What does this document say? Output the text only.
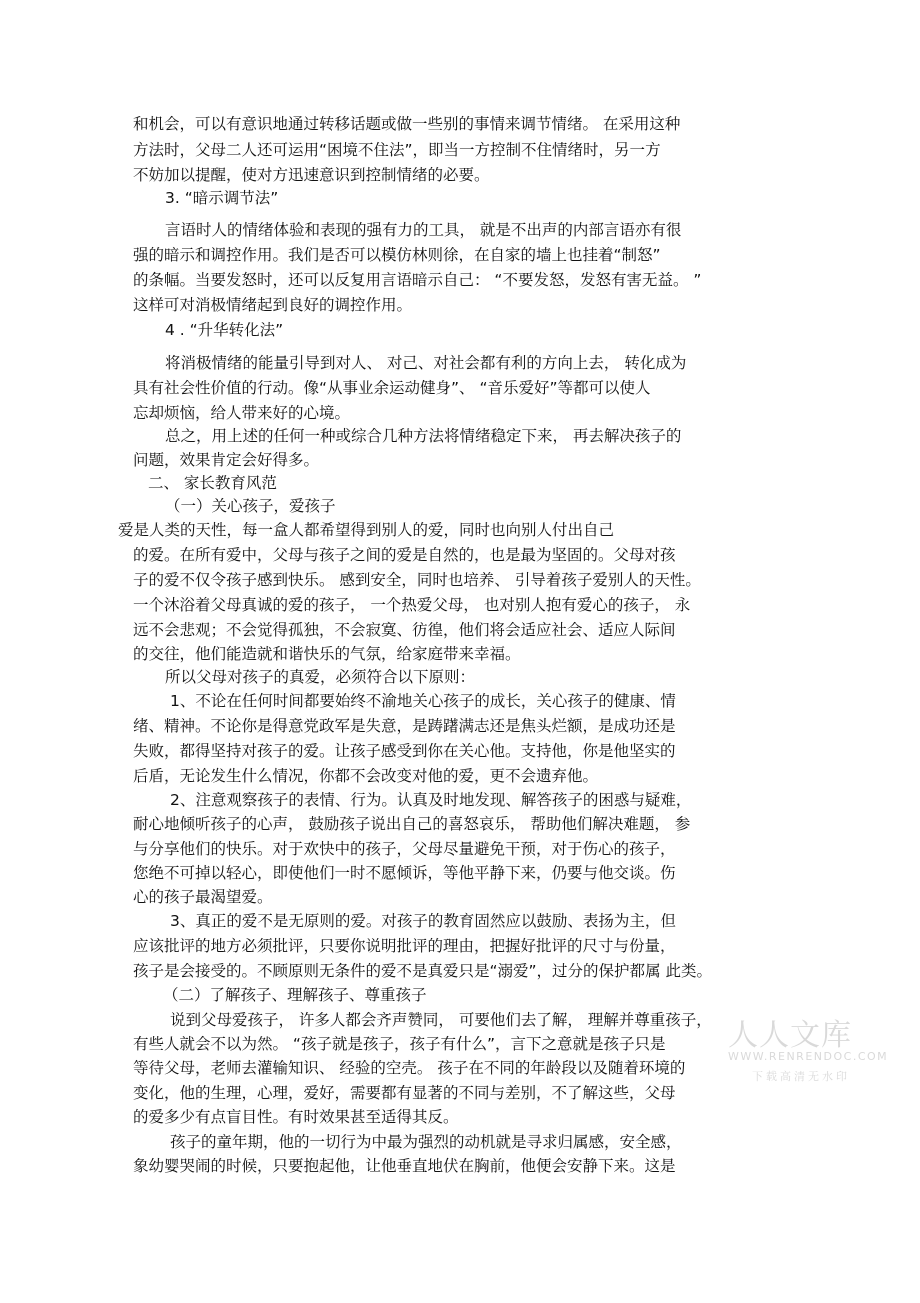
和机会，可以有意识地通过转移话题或做一些别的事情来调节情绪。 在采用这种
方法时，父母二人还可运用“困境不住法”，即当一方控制不住情绪时，另一方
不妨加以提醒，使对方迅速意识到控制情绪的必要。
3. “暗示调节法”
言语时人的情绪体验和表现的强有力的工具， 就是不出声的内部言语亦有很
强的暗示和调控作用。我们是否可以模仿林则徐，在自家的墙上也挂着“制怒”
的条幅。当要发怒时，还可以反复用言语暗示自己： “不要发怒，发怒有害无益。 ”
这样可对消极情绪起到良好的调控作用。
4 . “升华转化法”
将消极情绪的能量引导到对人、 对己、对社会都有利的方向上去， 转化成为
具有社会性价值的行动。像“从事业余运动健身”、 “音乐爱好”等都可以使人
忘却烦恼，给人带来好的心境。
总之，用上述的任何一种或综合几种方法将情绪稳定下来， 再去解决孩子的
问题，效果肯定会好得多。
二、 家长教育风范
（一）关心孩子，爱孩子
爱是人类的天性，每一盒人都希望得到别人的爱，同时也向别人付出自己
的爱。在所有爱中，父母与孩子之间的爱是自然的，也是最为坚固的。父母对孩
子的爱不仅令孩子感到快乐。 感到安全，同时也培养、 引导着孩子爱别人的天性。
一个沐浴着父母真诚的爱的孩子， 一个热爱父母， 也对别人抱有爱心的孩子， 永
远不会悲观；不会觉得孤独，不会寂寞、彷徨，他们将会适应社会、适应人际间
的交往，他们能造就和谐快乐的气氛，给家庭带来幸福。
所以父母对孩子的真爱，必须符合以下原则：
1、不论在任何时间都要始终不渝地关心孩子的成长，关心孩子的健康、情
绪、精神。不论你是得意党政军是失意，是踌躇满志还是焦头烂额，是成功还是
失败，都得坚持对孩子的爱。让孩子感受到你在关心他。支持他，你是他坚实的
后盾，无论发生什么情况，你都不会改变对他的爱，更不会遗弃他。
2、注意观察孩子的表情、行为。认真及时地发现、解答孩子的困惑与疑难，
耐心地倾听孩子的心声， 鼓励孩子说出自己的喜怒哀乐， 帮助他们解决难题， 参
与分享他们的快乐。对于欢快中的孩子，父母尽量避免干预，对于伤心的孩子，
您绝不可掉以轻心，即使他们一时不愿倾诉，等他平静下来，仍要与他交谈。伤
心的孩子最渴望爱。
3、真正的爱不是无原则的爱。对孩子的教育固然应以鼓励、表扬为主，但
应该批评的地方必须批评，只要你说明批评的理由，把握好批评的尺寸与份量，
孩子是会接受的。不顾原则无条件的爱不是真爱只是“溺爱”，过分的保护都属 此类。
（二）了解孩子、理解孩子、尊重孩子
说到父母爱孩子， 许多人都会齐声赞同， 可要他们去了解， 理解并尊重孩子，
有些人就会不以为然。 “孩子就是孩子，孩子有什么”，言下之意就是孩子只是
等待父母，老师去灌输知识、 经验的空壳。 孩子在不同的年龄段以及随着环境的
变化，他的生理，心理，爱好，需要都有显著的不同与差别，不了解这些，父母
的爱多少有点盲目性。有时效果甚至适得其反。
孩子的童年期，他的一切行为中最为强烈的动机就是寻求归属感，安全感，
象幼婴哭闹的时候，只要抱起他，让他垂直地伏在胸前，他便会安静下来。这是
人人文库
WWW.RENRENDOC.COM
下载高清无水印
